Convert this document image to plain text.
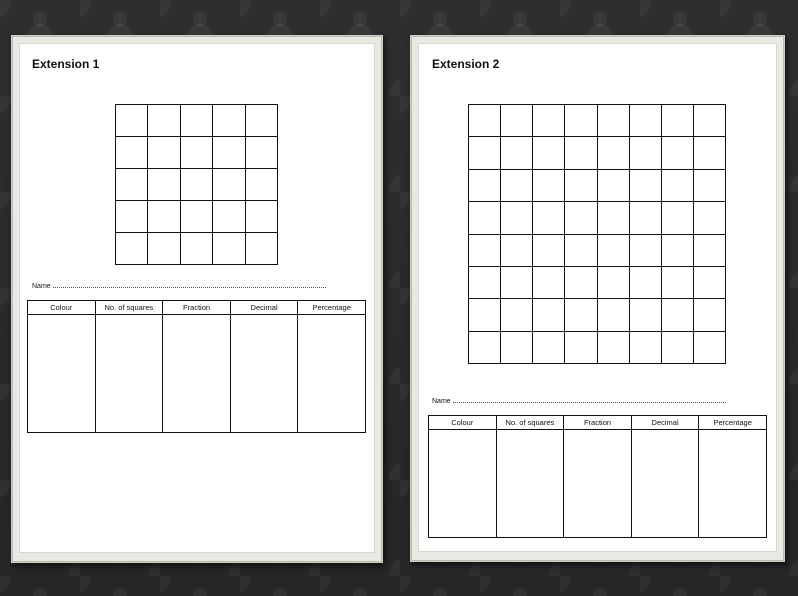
Extension 1
Name
Colour	No. of squares	Fraction	Decimal	Percentage

Extension 2
Name
Colour	No. of squares	Fraction	Decimal	Percentage
